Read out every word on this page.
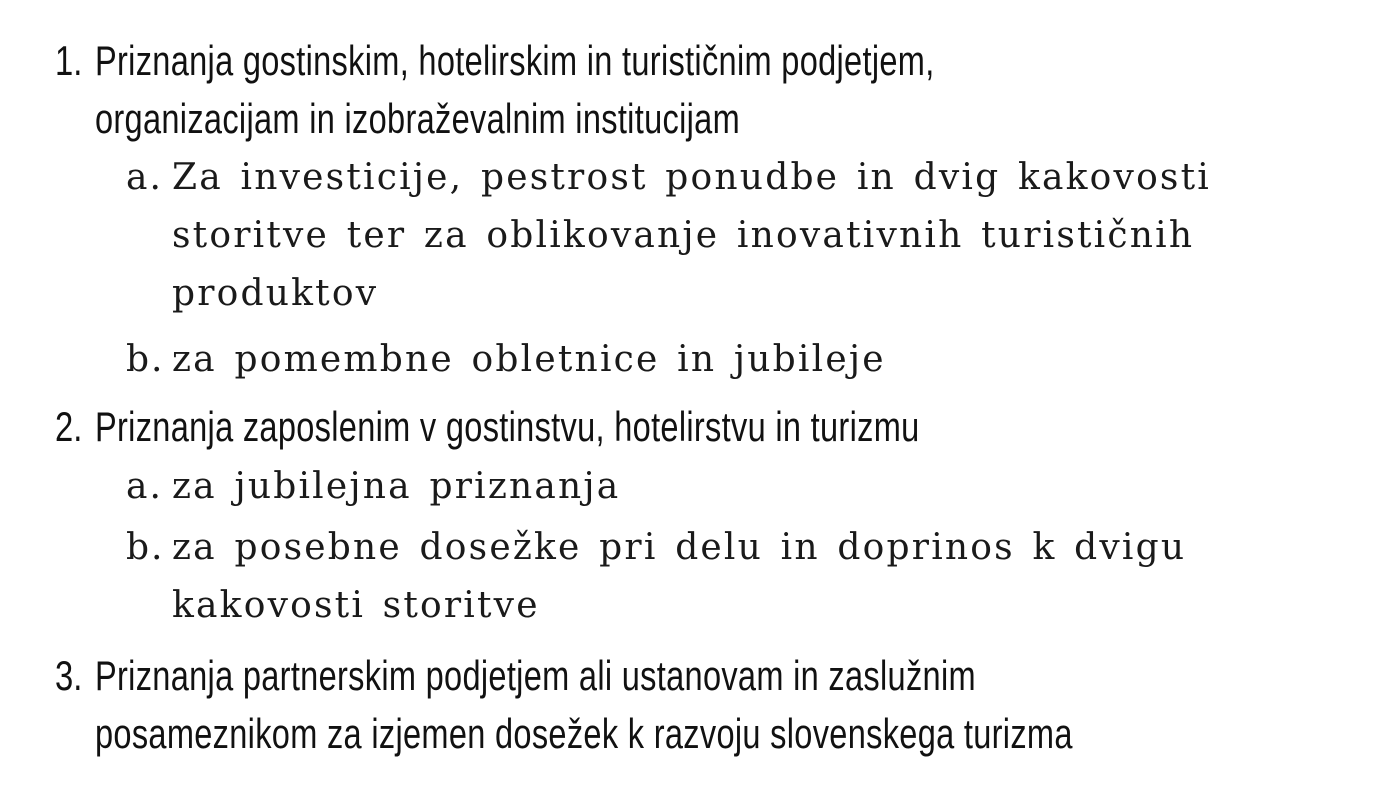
1. Priznanja gostinskim, hotelirskim in turističnim podjetjem,
organizacijam in izobraževalnim institucijam
a. Za investicije, pestrost ponudbe in dvig kakovosti
storitve ter za oblikovanje inovativnih turističnih
produktov
b. za pomembne obletnice in jubileje
2. Priznanja zaposlenim v gostinstvu, hotelirstvu in turizmu
a. za jubilejna priznanja
b. za posebne dosežke pri delu in doprinos k dvigu
kakovosti storitve
3. Priznanja partnerskim podjetjem ali ustanovam in zaslužnim
posameznikom za izjemen dosežek k razvoju slovenskega turizma
